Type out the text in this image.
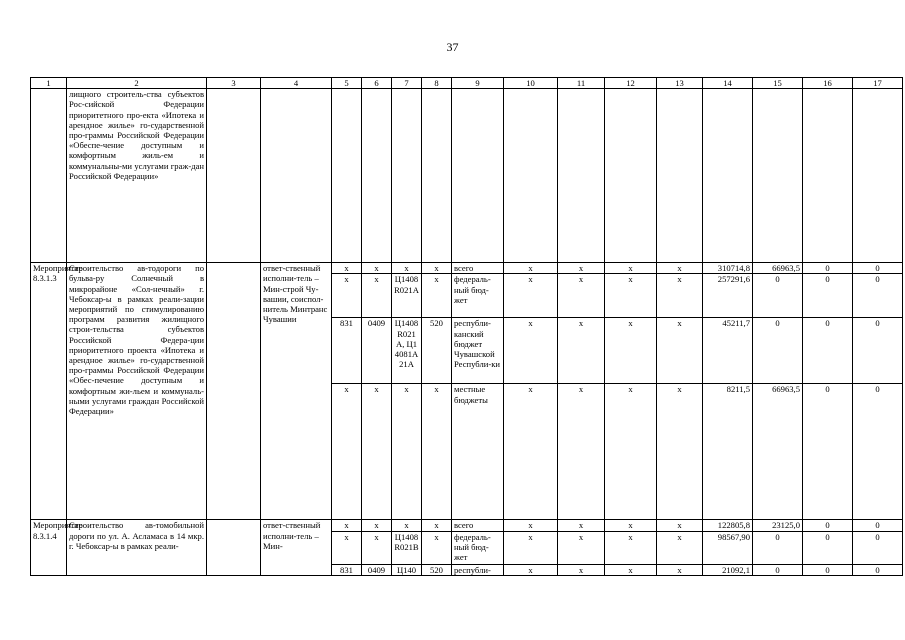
37
1	2	3	4	5	6	7	8	9	10	11	12	13	14	15	16	17
	лищного строитель-ства субъектов Рос-сийской Федерации приоритетного про-екта «Ипотека и арендное жилье» го-сударственной про-граммы Российской Федерации «Обеспе-чение доступным и комфортным жиль-ем и коммунальны-ми услугами граж-дан Российской Федерации»															
Мероприятие 8.3.1.3	Строительство ав-тодороги по бульва-ру Солнечный в микрорайоне «Сол-нечный» г. Чебоксар-ы в рамках реали-зации мероприятий по стимулированию программ развития жилищного строи-тельства субъектов Российской Федера-ции приоритетного проекта «Ипотека и арендное жилье» го-сударственной про-граммы Российской Федерации «Обес-печение доступным и комфортным жи-льем и коммуналь-ными услугами граждан Российской Федерации»		ответ-ственный исполни-тель – Мин-строй Чу-вашии, соиспол-нитель Минтранс Чувашии	x	x	x	x	всего	x	x	x	x	310714,8	66963,5	0	0
				x	x	Ц1408R021А	x	федераль-ный бюд-жет	x	x	x	x	257291,6	0	0	0
				831	0409	Ц1408R021А, Ц14081А21А	520	республи-канский бюджет Чувашской Республи-ки	x	x	x	x	45211,7	0	0	0
				x	x	x	x	местные бюджеты	x	x	x	x	8211,5	66963,5	0	0
Мероприятие 8.3.1.4	Строительство ав-томобильной дороги по ул. А. Асламаса в 14 мкр. г. Чебоксар-ы в рамках реали-		ответ-ственный исполни-тель – Мин-	x	x	x	x	всего	x	x	x	x	122805,8	23125,0	0	0
				x	x	Ц1408R021В	x	федераль-ный бюд-жет	x	x	x	x	98567,90	0	0	0
				831	0409	Ц140	520	республи-	x	x	x	x	21092,1	0	0	0
